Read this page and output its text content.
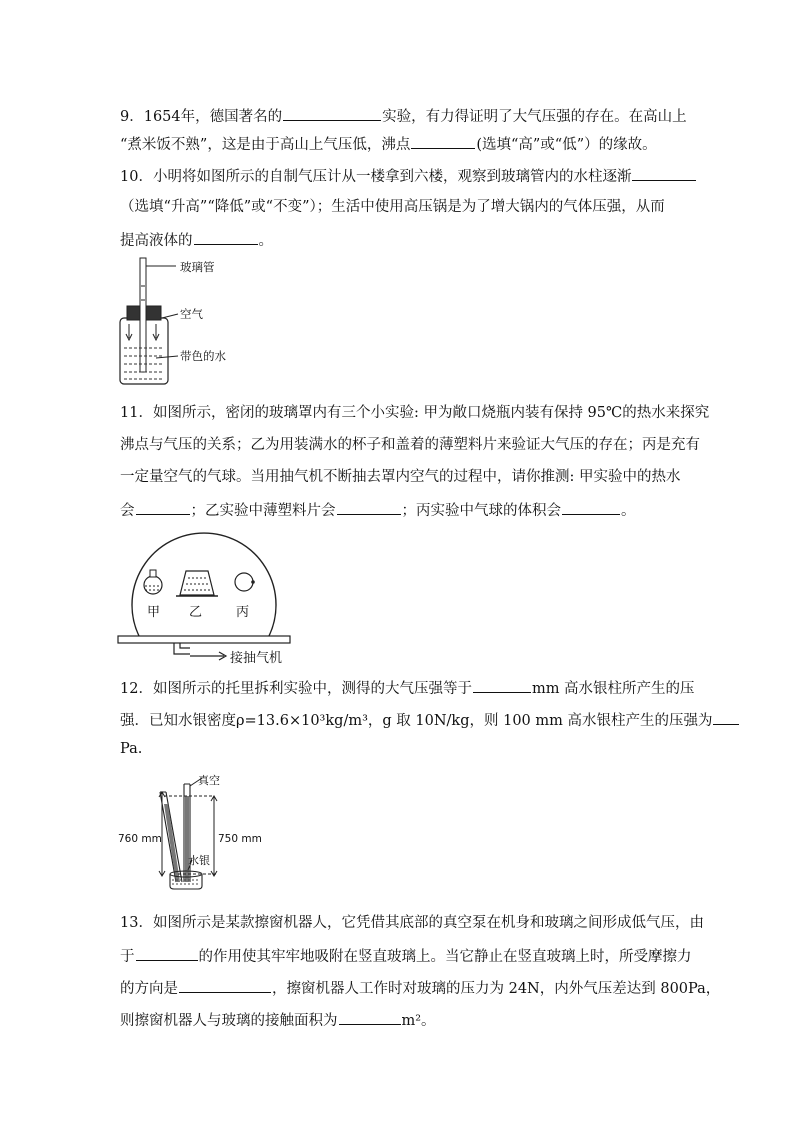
9．1654年，德国著名的	实验，有力得证明了大气压强的存在。在高山上
“煮米饭不熟”，这是由于高山上气压低，沸点	(选填“高”或“低”）的缘故。
10．小明将如图所示的自制气压计从一楼拿到六楼，观察到玻璃管内的水柱逐渐
（选填“升高”“降低”或“不变”）；生活中使用高压锅是为了增大锅内的气体压强，从而
提高液体的	。
玻璃管
空气
带色的水
11．如图所示，密闭的玻璃罩内有三个小实验: 甲为敞口烧瓶内装有保持 95℃的热水来探究
沸点与气压的关系；乙为用装满水的杯子和盖着的薄塑料片来验证大气压的存在；丙是充有
一定量空气的气球。当用抽气机不断抽去罩内空气的过程中，请你推测: 甲实验中的热水
会	；乙实验中薄塑料片会	；丙实验中气球的体积会	。
甲 乙	丙
接抽气机
12．如图所示的托里拆利实验中，测得的大气压强等于	mm 高水银柱所产生的压
强．已知水银密度ρ=13.6×10³kg/m³，g 取 10N/kg，则 100 mm 高水银柱产生的压强为
Pa.
真空
760 mm	750 mm
水银
13．如图所示是某款擦窗机器人，它凭借其底部的真空泵在机身和玻璃之间形成低气压，由
于	的作用使其牢牢地吸附在竖直玻璃上。当它静止在竖直玻璃上时，所受摩擦力
的方向是	，擦窗机器人工作时对玻璃的压力为 24N，内外气压差达到 800Pa，
则擦窗机器人与玻璃的接触面积为	m²。
